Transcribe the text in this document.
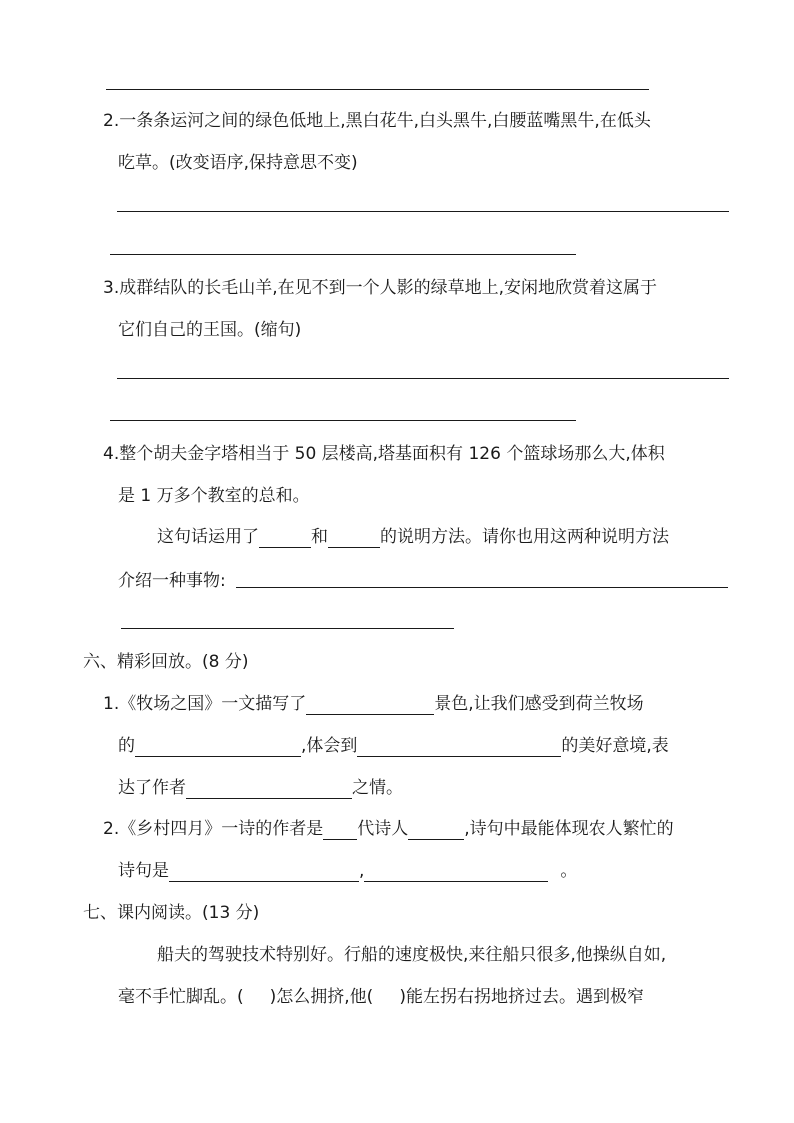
2.一条条运河之间的绿色低地上,黑白花牛,白头黑牛,白腰蓝嘴黑牛,在低头
吃草。(改变语序,保持意思不变)
3.成群结队的长毛山羊,在见不到一个人影的绿草地上,安闲地欣赏着这属于
它们自己的王国。(缩句)
4.整个胡夫金字塔相当于 50 层楼高,塔基面积有 126 个篮球场那么大,体积
是 1 万多个教室的总和。
这句话运用了	和	的说明方法。请你也用这两种说明方法
介绍一种事物:
六、精彩回放。(8 分)
1.《牧场之国》一文描写了	景色,让我们感受到荷兰牧场
的	,体会到	的美好意境,表
达了作者	之情。
2.《乡村四月》一诗的作者是 代诗人	,诗句中最能体现农人繁忙的
诗句是	,	。
七、课内阅读。(13 分)
船夫的驾驶技术特别好。行船的速度极快,来往船只很多,他操纵自如,
毫不手忙脚乱。( )怎么拥挤,他( )能左拐右拐地挤过去。遇到极窄
